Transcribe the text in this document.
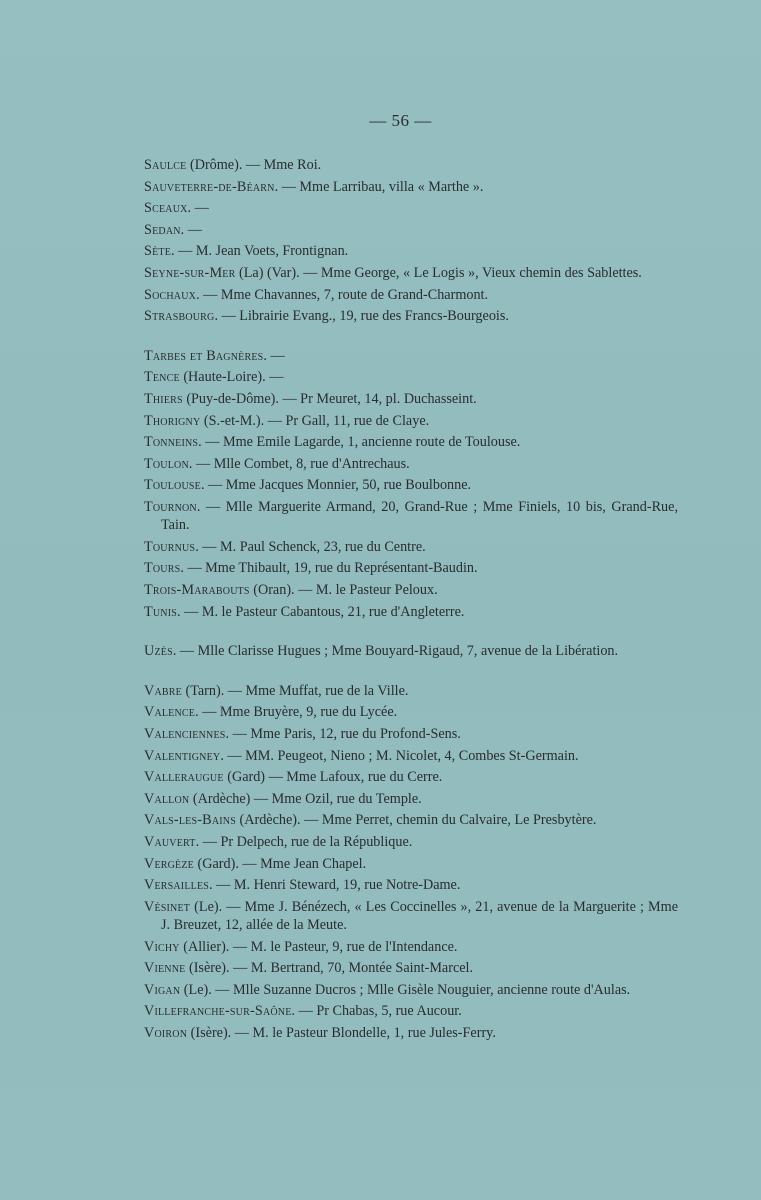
— 56 —
Saulce (Drôme). — Mme Roi.
Sauveterre-de-Béarn. — Mme Larribau, villa « Marthe ».
Sceaux. —
Sedan. —
Sète. — M. Jean Voets, Frontignan.
Seyne-sur-Mer (La) (Var). — Mme George, « Le Logis », Vieux chemin des Sablettes.
Sochaux. — Mme Chavannes, 7, route de Grand-Charmont.
Strasbourg. — Librairie Evang., 19, rue des Francs-Bourgeois.
Tarbes et Bagnères. —
Tence (Haute-Loire). —
Thiers (Puy-de-Dôme). — Pr Meuret, 14, pl. Duchasseint.
Thorigny (S.-et-M.). — Pr Gall, 11, rue de Claye.
Tonneins. — Mme Emile Lagarde, 1, ancienne route de Toulouse.
Toulon. — Mlle Combet, 8, rue d'Antrechaus.
Toulouse. — Mme Jacques Monnier, 50, rue Boulbonne.
Tournon. — Mlle Marguerite Armand, 20, Grand-Rue ; Mme Finiels, 10 bis, Grand-Rue, Tain.
Tournus. — M. Paul Schenck, 23, rue du Centre.
Tours. — Mme Thibault, 19, rue du Représentant-Baudin.
Trois-Marabouts (Oran). — M. le Pasteur Peloux.
Tunis. — M. le Pasteur Cabantous, 21, rue d'Angleterre.
Uzès. — Mlle Clarisse Hugues ; Mme Bouyard-Rigaud, 7, avenue de la Libération.
Vabre (Tarn). — Mme Muffat, rue de la Ville.
Valence. — Mme Bruyère, 9, rue du Lycée.
Valenciennes. — Mme Paris, 12, rue du Profond-Sens.
Valentigney. — MM. Peugeot, Nieno ; M. Nicolet, 4, Combes St-Germain.
Valleraugue (Gard) — Mme Lafoux, rue du Cerre.
Vallon (Ardèche) — Mme Ozil, rue du Temple.
Vals-les-Bains (Ardèche). — Mme Perret, chemin du Calvaire, Le Presbytère.
Vauvert. — Pr Delpech, rue de la République.
Vergèze (Gard). — Mme Jean Chapel.
Versailles. — M. Henri Steward, 19, rue Notre-Dame.
Vésinet (Le). — Mme J. Bénézech, « Les Coccinelles », 21, avenue de la Marguerite ; Mme J. Breuzet, 12, allée de la Meute.
Vichy (Allier). — M. le Pasteur, 9, rue de l'Intendance.
Vienne (Isère). — M. Bertrand, 70, Montée Saint-Marcel.
Vigan (Le). — Mlle Suzanne Ducros ; Mlle Gisèle Nouguier, ancienne route d'Aulas.
Villefranche-sur-Saône. — Pr Chabas, 5, rue Aucour.
Voiron (Isère). — M. le Pasteur Blondelle, 1, rue Jules-Ferry.
